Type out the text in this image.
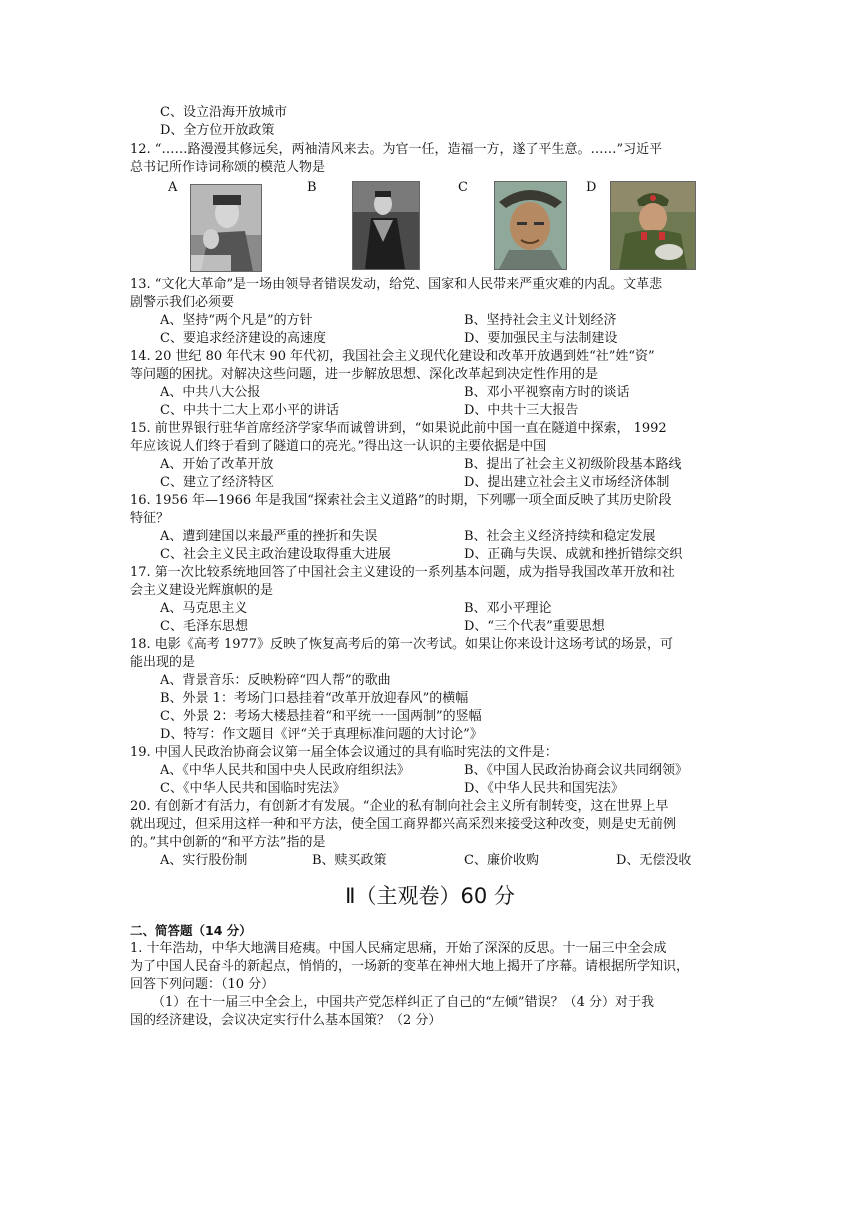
C、设立沿海开放城市
D、全方位开放政策
12. “……路漫漫其修远矣，两袖清风来去。为官一任，造福一方，遂了平生意。……”习近平
总书记所作诗词称颂的模范人物是
A	B	C	D
13. “文化大革命”是一场由领导者错误发动，给党、国家和人民带来严重灾难的内乱。文革悲
剧警示我们必须要
A、坚持“两个凡是”的方针	B、坚持社会主义计划经济
C、要追求经济建设的高速度	D、要加强民主与法制建设
14. 20 世纪 80 年代末 90 年代初，我国社会主义现代化建设和改革开放遇到姓“社”姓“资”
等问题的困扰。对解决这些问题，进一步解放思想、深化改革起到决定性作用的是
A、中共八大公报	B、邓小平视察南方时的谈话
C、中共十二大上邓小平的讲话	D、中共十三大报告
15. 前世界银行驻华首席经济学家华而诚曾讲到，“如果说此前中国一直在隧道中探索， 1992
年应该说人们终于看到了隧道口的亮光。”得出这一认识的主要依据是中国
A、开始了改革开放	B、提出了社会主义初级阶段基本路线
C、建立了经济特区	D、提出建立社会主义市场经济体制
16. 1956 年—1966 年是我国“探索社会主义道路”的时期，下列哪一项全面反映了其历史阶段
特征？
A、遭到建国以来最严重的挫折和失误	B、社会主义经济持续和稳定发展
C、社会主义民主政治建设取得重大进展	D、正确与失误、成就和挫折错综交织
17. 第一次比较系统地回答了中国社会主义建设的一系列基本问题，成为指导我国改革开放和社
会主义建设光辉旗帜的是
A、马克思主义	B、邓小平理论
C、毛泽东思想	D、“三个代表”重要思想
18. 电影《高考 1977》反映了恢复高考后的第一次考试。如果让你来设计这场考试的场景，可
能出现的是
A、背景音乐：反映粉碎“四人帮”的歌曲
B、外景 1：考场门口悬挂着“改革开放迎春风”的横幅
C、外景 2：考场大楼悬挂着“和平统一一国两制”的竖幅
D、特写：作文题目《评“关于真理标准问题的大讨论”》
19. 中国人民政治协商会议第一届全体会议通过的具有临时宪法的文件是：
A、《中华人民共和国中央人民政府组织法》	B、《中国人民政治协商会议共同纲领》
C、《中华人民共和国临时宪法》	D、《中华人民共和国宪法》
20. 有创新才有活力，有创新才有发展。“企业的私有制向社会主义所有制转变，这在世界上早
就出现过，但采用这样一种和平方法，使全国工商界都兴高采烈来接受这种改变，则是史无前例
的。”其中创新的“和平方法”指的是
A、实行股份制	B、赎买政策	C、廉价收购	D、无偿没收
Ⅱ（主观卷）60 分
二、简答题（14 分）
1. 十年浩劫，中华大地满目疮痍。中国人民痛定思痛，开始了深深的反思。十一届三中全会成
为了中国人民奋斗的新起点，悄悄的，一场新的变革在神州大地上揭开了序幕。请根据所学知识，
回答下列问题：（10 分）
（1）在十一届三中全会上，中国共产党怎样纠正了自己的“左倾”错误？（4 分）对于我
国的经济建设，会议决定实行什么基本国策？（2 分）
